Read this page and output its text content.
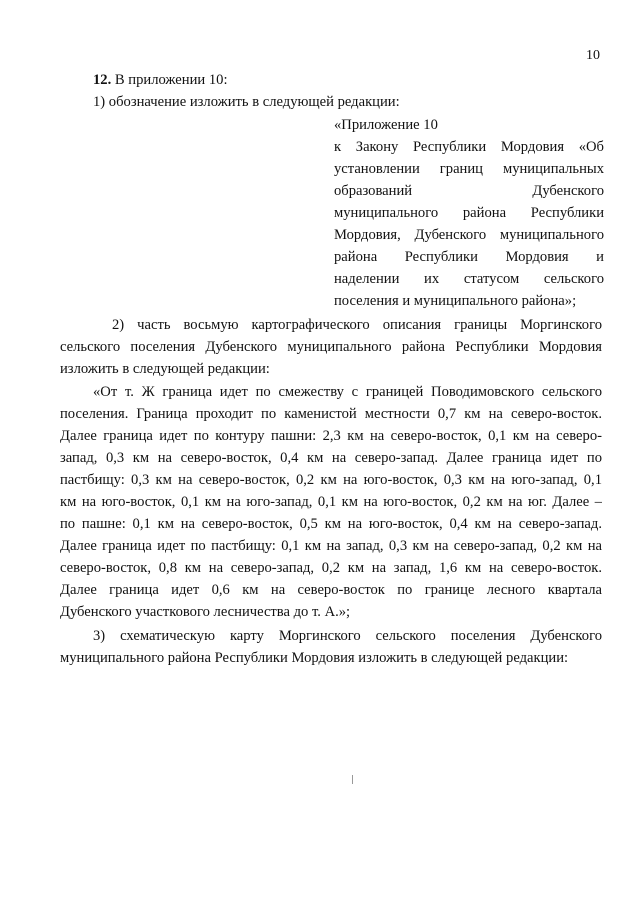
10
12. В приложении 10:
1) обозначение изложить в следующей редакции:
«Приложение 10
к Закону Республики Мордовия «Об
установлении границ муниципальных
образований Дубенского
муниципального района Республики
Мордовия, Дубенского муниципального
района Республики Мордовия и
наделении их статусом сельского
поселения и муниципального района»;
2) часть восьмую картографического описания границы Моргинского
сельского поселения Дубенского муниципального района Республики Мордовия
изложить в следующей редакции:
«От т. Ж граница идет по смежеству с границей Поводимовского сельского
поселения. Граница проходит по каменистой местности 0,7 км на северо-восток.
Далее граница идет по контуру пашни: 2,3 км на северо-восток, 0,1 км на северо-
запад, 0,3 км на северо-восток, 0,4 км на северо-запад. Далее граница идет по
пастбищу: 0,3 км на северо-восток, 0,2 км на юго-восток, 0,3 км на юго-запад, 0,1
км на юго-восток, 0,1 км на юго-запад, 0,1 км на юго-восток, 0,2 км на юг. Далее –
по пашне: 0,1 км на северо-восток, 0,5 км на юго-восток, 0,4 км на северо-запад.
Далее граница идет по пастбищу: 0,1 км на запад, 0,3 км на северо-запад, 0,2 км на
северо-восток, 0,8 км на северо-запад, 0,2 км на запад, 1,6 км на северо-восток.
Далее граница идет 0,6 км на северо-восток по границе лесного квартала
Дубенского участкового лесничества до т. А.»;
3) схематическую карту Моргинского сельского поселения Дубенского
муниципального района Республики Мордовия изложить в следующей редакции:
